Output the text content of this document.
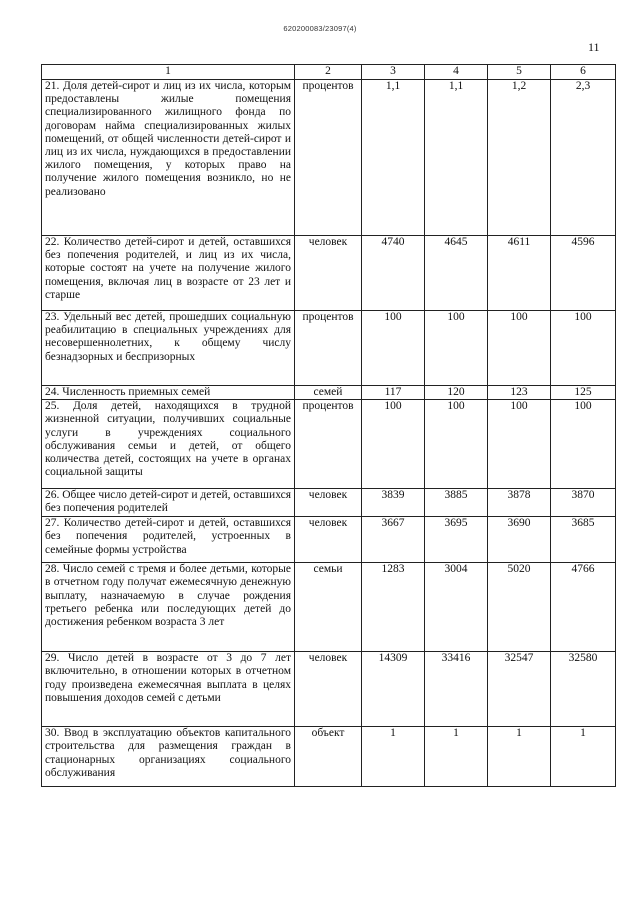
620200083/23097(4)
11
1	2	3	4	5	6
21. Доля детей-сирот и лиц из их числа, которым предоставлены жилые помещения специализированного жилищного фонда по договорам найма специализированных жилых помещений, от общей численности детей-сирот и лиц из их числа, нуждающихся в предоставлении жилого помещения, у которых право на получение жилого помещения возникло, но не реализовано	процентов	1,1	1,1	1,2	2,3
22. Количество детей-сирот и детей, оставшихся без попечения родителей, и лиц из их числа, которые состоят на учете на получение жилого помещения, включая лиц в возрасте от 23 лет и старше	человек	4740	4645	4611	4596
23. Удельный вес детей, прошедших социальную реабилитацию в специальных учреждениях для несовершеннолетних, к общему числу безнадзорных и беспризорных	процентов	100	100	100	100
24. Численность приемных семей	семей	117	120	123	125
25. Доля детей, находящихся в трудной жизненной ситуации, получивших социальные услуги в учреждениях социального обслуживания семьи и детей, от общего количества детей, состоящих на учете в органах социальной защиты	процентов	100	100	100	100
26. Общее число детей-сирот и детей, оставшихся без попечения родителей	человек	3839	3885	3878	3870
27. Количество детей-сирот и детей, оставшихся без попечения родителей, устроенных в семейные формы устройства	человек	3667	3695	3690	3685
28. Число семей с тремя и более детьми, которые в отчетном году получат ежемесячную денежную выплату, назначаемую в случае рождения третьего ребенка или последующих детей до достижения ребенком возраста 3 лет	семьи	1283	3004	5020	4766
29. Число детей в возрасте от 3 до 7 лет включительно, в отношении которых в отчетном году произведена ежемесячная выплата в целях повышения доходов семей с детьми	человек	14309	33416	32547	32580
30. Ввод в эксплуатацию объектов капитального строительства для размещения граждан в стационарных организациях социального обслуживания	объект	1	1	1	1
